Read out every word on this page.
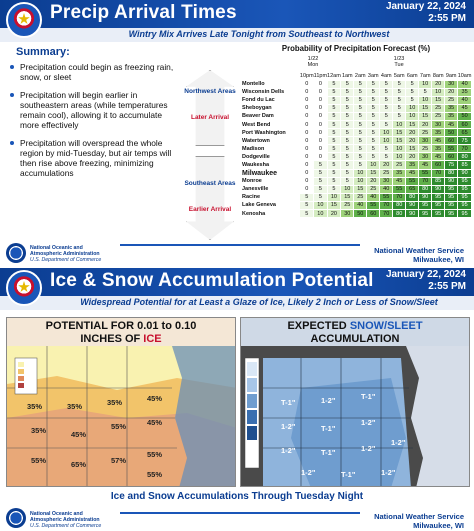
Precip Arrival Times	January 22, 2024
2:55 PM
Wintry Mix Arrives Late Tonight from Southeast to Northwest
Summary:
Precipitation could begin as freezing rain, snow, or sleet
Precipitation will begin earlier in southeastern areas (while temperatures remain cool), allowing it to accumulate more effectively
Precipitation will overspread the whole region by mid-Tuesday, but air temps will then rise above freezing, minimizing accumulations
Northwest Areas
Later Arrival
Southeast Areas
Earlier Arrival
Probability of Precipitation Forecast (%)
1/22
Mon
1/23
Tue
	10pm	11pm	12am	1am	2am	3am	4am	5am	6am	7am	8am	9am	10am
Montello	0	0	5	5	5	5	5	5	5	10	20	30	40
Wisconsin Dells	0	0	5	5	5	5	5	5	5	5	10	20	35
Fond du Lac	0	0	5	5	5	5	5	5	5	10	15	25	40
Sheboygan	0	0	5	5	5	5	5	5	10	15	25	35	45
Beaver Dam	0	0	5	5	5	5	5	5	10	15	25	35	50
West Bend	0	0	5	5	5	5	5	10	15	20	30	45	60
Port Washington	0	0	5	5	5	5	10	15	20	25	35	50	65
Watertown	0	0	5	5	5	5	10	15	20	30	45	60	75
Madison	0	0	5	5	5	5	5	10	15	25	35	55	70
Dodgeville	0	0	5	5	5	5	5	10	20	30	45	60	80
Waukesha	0	5	5	5	5	10	20	25	35	45	60	75	85
Milwaukee	0	5	5	5	10	15	25	35	45	55	70	80	90
Monroe	0	5	5	5	10	20	30	45	55	70	85	90	95
Janesville	0	5	5	10	15	25	40	55	65	80	90	95	95
Racine	5	5	10	15	25	40	55	70	80	90	95	95	95
Lake Geneva	5	10	15	25	40	55	70	80	90	95	95	95	95
Kenosha	5	10	20	30	50	60	70	80	90	95	95	95	95
National Oceanic and
Atmospheric Administration
U.S. Department of Commerce
National Weather Service
Milwaukee, WI
Ice & Snow Accumulation Potential January 22, 2024
2:55 PM
Widespread Potential for at Least a Glaze of Ice, Likely 2 Inch or Less of Snow/Sleet
POTENTIAL FOR 0.01 to 0.10
INCHES OF ICE
35%	35%	35%	45%
35%	45%
55%	45%
55%	65%	57%
55%
55%
EXPECTED SNOW/SLEET
ACCUMULATION
T-1"	1-2"	T-1"
1-2"	T-1"
1-2"
1-2"	T-1"	1-2"
1-2"
1-2"	T-1"	1-2"
Ice and Snow Accumulations Through Tuesday Night
National Oceanic and
Atmospheric Administration
U.S. Department of Commerce
National Weather Service
Milwaukee, WI
